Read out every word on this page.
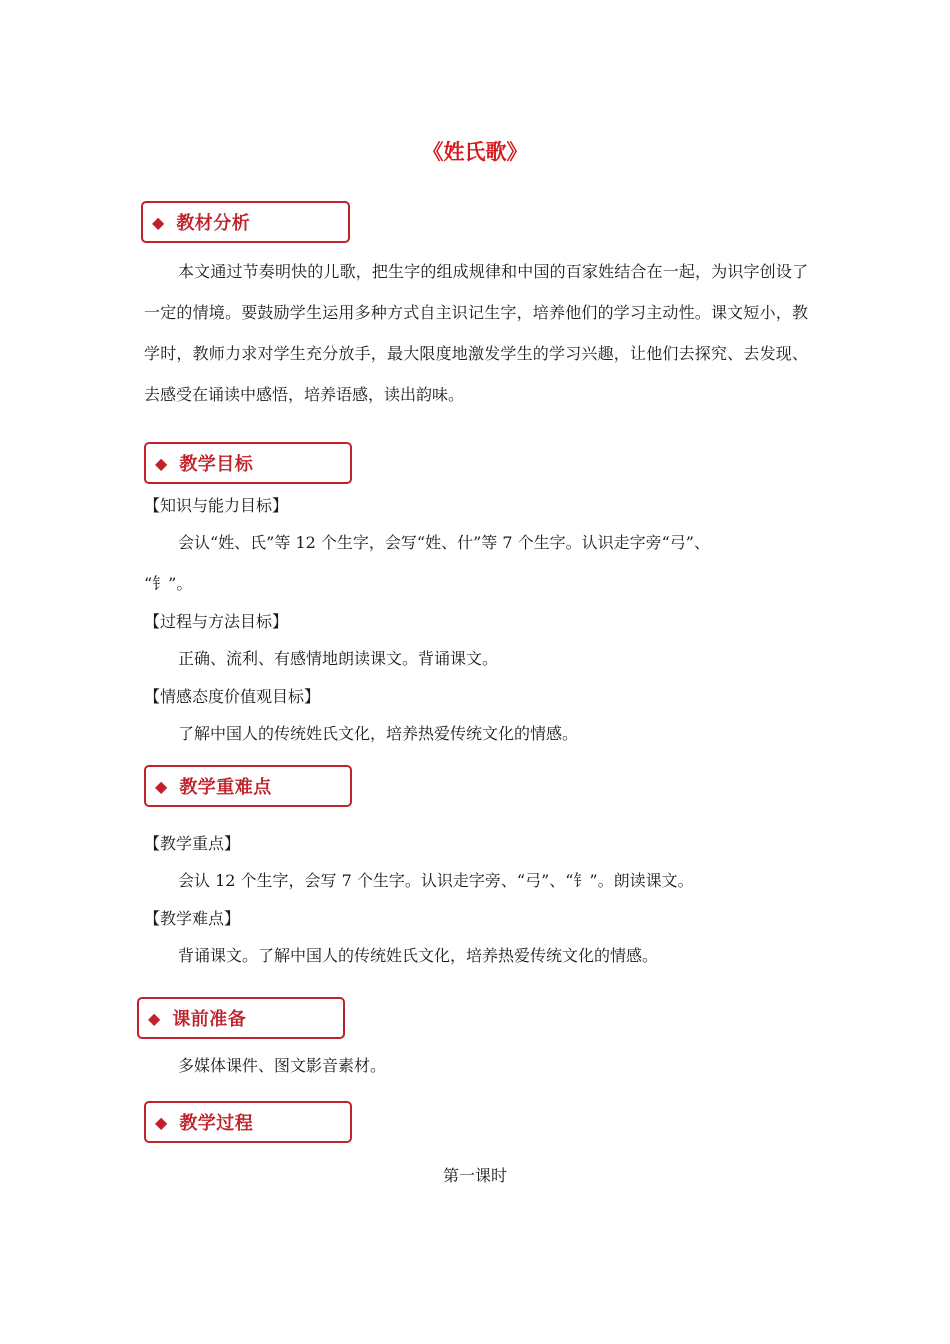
《姓氏歌》
◆ 教材分析

本文通过节奏明快的儿歌，把生字的组成规律和中国的百家姓结合在一起，为识字创设了一定的情境。要鼓励学生运用多种方式自主识记生字，培养他们的学习主动性。课文短小，教学时，教师力求对学生充分放手，最大限度地激发学生的学习兴趣，让他们去探究、去发现、去感受在诵读中感悟，培养语感，读出韵味。

◆ 教学目标

【知识与能力目标】

会认“姓、氏”等 12 个生字，会写“姓、什”等 7 个生字。认识走字旁“弓”、

“钅”。

【过程与方法目标】

正确、流利、有感情地朗读课文。背诵课文。

【情感态度价值观目标】

了解中国人的传统姓氏文化，培养热爱传统文化的情感。

◆ 教学重难点

【教学重点】

会认 12 个生字，会写 7 个生字。认识走字旁、“弓”、“钅”。朗读课文。

【教学难点】

背诵课文。了解中国人的传统姓氏文化，培养热爱传统文化的情感。

◆ 课前准备

多媒体课件、图文影音素材。

◆ 教学过程
第一课时
